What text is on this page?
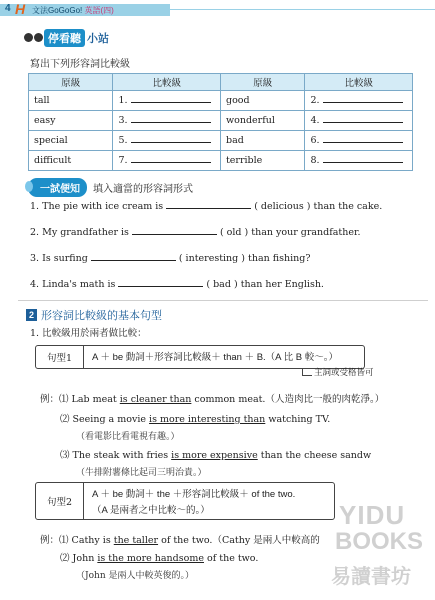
4 H 文法GoGoGo! 英語(四)
停看聽 小站
寫出下列形容詞比較級
原級	比較級	原級	比較級
tall	1.	good	2.
easy	3.	wonderful	4.
special	5.	bad	6.
difficult	7.	terrible	8.
一試便知	填入適當的形容詞形式
1. The pie with ice cream is	( delicious ) than the cake.
2. My grandfather is	( old ) than your grandfather.
3. Is surfing	( interesting ) than fishing?
4. Linda's math is	( bad ) than her English.
2 形容詞比較級的基本句型
1. 比較級用於兩者做比較：
句型1	A ＋ be 動詞＋形容詞比較級＋ than ＋ B.（A 比 B 較～。）
主詞或受格皆可
例：⑴ Lab meat is cleaner than common meat.（人造肉比一般的肉乾淨。）
⑵ Seeing a movie is more interesting than watching TV.
（看電影比看電視有趣。）
⑶ The steak with fries is more expensive than the cheese sandw
（牛排附薯條比起司三明治貴。）
句型2
A ＋ be 動詞＋ the ＋形容詞比較級＋ of the two.
（A 是兩者之中比較～的。）
例：⑴ Cathy is the taller of the two.（Cathy 是兩人中較高的
⑵ John is the more handsome of the two.
（John 是兩人中較英俊的。）
YIDU
BOOKS
易讀書坊
